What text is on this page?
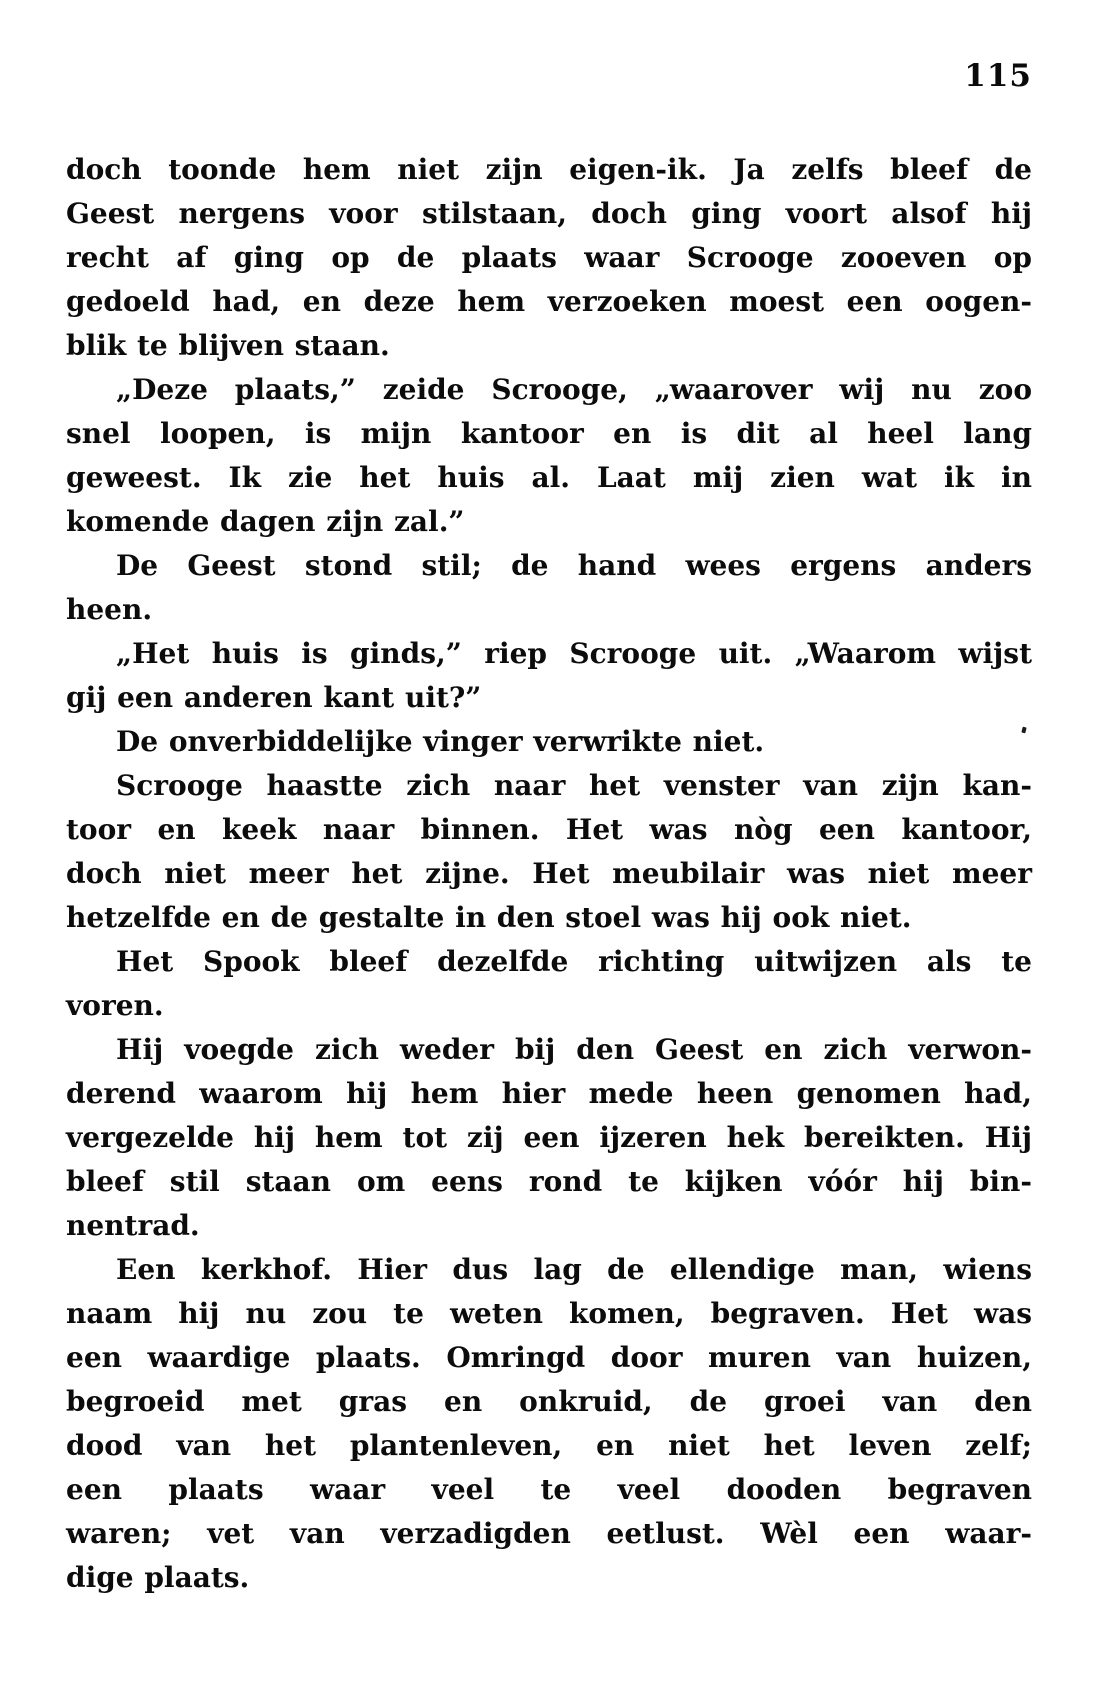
115
doch toonde hem niet zijn eigen-ik. Ja zelfs bleef de
Geest nergens voor stilstaan, doch ging voort alsof hij
recht af ging op de plaats waar Scrooge zooeven op
gedoeld had, en deze hem verzoeken moest een oogen-
blik te blijven staan.
„Deze plaats,” zeide Scrooge, „waarover wij nu zoo
snel loopen, is mijn kantoor en is dit al heel lang
geweest. Ik zie het huis al. Laat mij zien wat ik in
komende dagen zijn zal.”
De Geest stond stil; de hand wees ergens anders
heen.
„Het huis is ginds,” riep Scrooge uit. „Waarom wijst
gij een anderen kant uit?”
De onverbiddelijke vinger verwrikte niet.
Scrooge haastte zich naar het venster van zijn kan-
toor en keek naar binnen. Het was nòg een kantoor,
doch niet meer het zijne. Het meubilair was niet meer
hetzelfde en de gestalte in den stoel was hij ook niet.
Het Spook bleef dezelfde richting uitwijzen als te
voren.
Hij voegde zich weder bij den Geest en zich verwon-
derend waarom hij hem hier mede heen genomen had,
vergezelde hij hem tot zij een ijzeren hek bereikten. Hij
bleef stil staan om eens rond te kijken vóór hij bin-
nentrad.
Een kerkhof. Hier dus lag de ellendige man, wiens
naam hij nu zou te weten komen, begraven. Het was
een waardige plaats. Omringd door muren van huizen,
begroeid met gras en onkruid, de groei van den
dood van het plantenleven, en niet het leven zelf;
een plaats waar veel te veel dooden begraven
waren; vet van verzadigden eetlust. Wèl een waar-
dige plaats.
